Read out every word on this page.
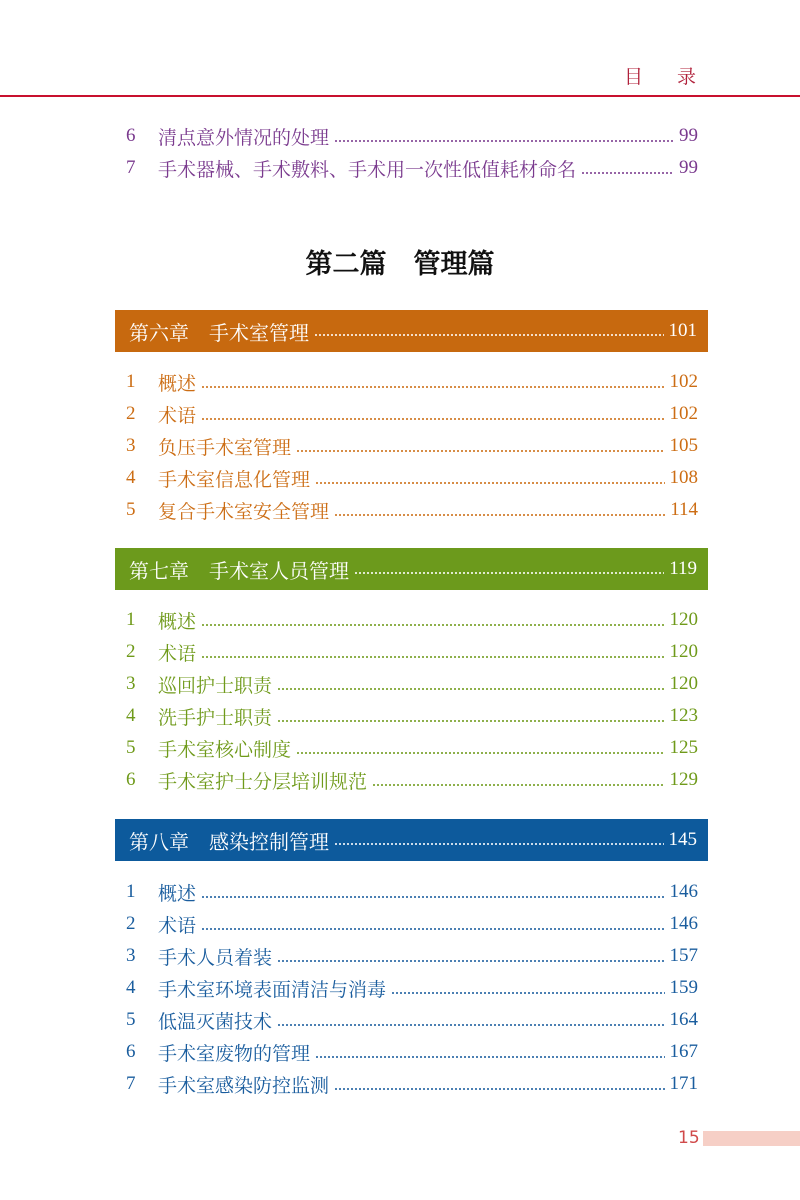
目录
6	清点意外情况的处理	99
7	手术器械、手术敷料、手术用一次性低值耗材命名	99
第二篇　管理篇
第六章　手术室管理	101
1	概述	102
2	术语	102
3	负压手术室管理	105
4	手术室信息化管理	108
5	复合手术室安全管理	114
第七章　手术室人员管理	119
1	概述	120
2	术语	120
3	巡回护士职责	120
4	洗手护士职责	123
5	手术室核心制度	125
6	手术室护士分层培训规范	129
第八章　感染控制管理	145
1	概述	146
2	术语	146
3	手术人员着装	157
4	手术室环境表面清洁与消毒	159
5	低温灭菌技术	164
6	手术室废物的管理	167
7	手术室感染防控监测	171
15
